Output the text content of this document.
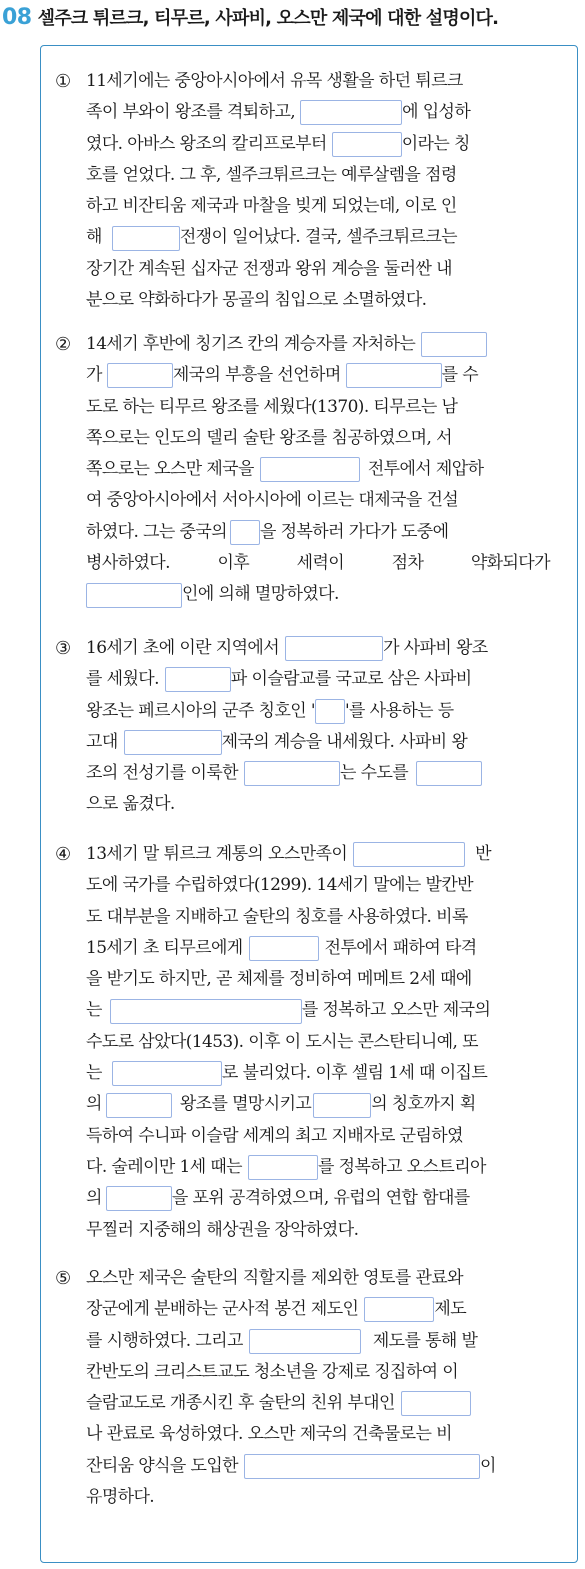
08 셀주크 튀르크, 티무르, 사파비, 오스만 제국에 대한 설명이다.
① 11세기에는 중앙아시아에서 유목 생활을 하던 튀르크
족이 부와이 왕조를 격퇴하고,	에 입성하
였다. 아바스 왕조의 칼리프로부터	이라는 칭
호를 얻었다. 그 후, 셀주크튀르크는 예루살렘을 점령
하고 비잔티움 제국과 마찰을 빚게 되었는데, 이로 인
해	전쟁이 일어났다. 결국, 셀주크튀르크는
장기간 계속된 십자군 전쟁과 왕위 계승을 둘러싼 내
분으로 약화하다가 몽골의 침입으로 소멸하였다.
② 14세기 후반에 칭기즈 칸의 계승자를 자처하는
가	제국의 부흥을 선언하며	를 수
도로 하는 티무르 왕조를 세웠다(1370). 티무르는 남
쪽으로는 인도의 델리 술탄 왕조를 침공하였으며, 서
쪽으로는 오스만 제국을	전투에서 제압하
여 중앙아시아에서 서아시아에 이르는 대제국을 건설
하였다. 그는 중국의 을 정복하러 가다가 도중에
병사하였다.	이후	세력이	점차	약화되다가
인에 의해 멸망하였다.
③ 16세기 초에 이란 지역에서	가 사파비 왕조
를 세웠다.	파 이슬람교를 국교로 삼은 사파비
왕조는 페르시아의 군주 칭호인 ' '를 사용하는 등
고대	제국의 계승을 내세웠다. 사파비 왕
조의 전성기를 이룩한	는 수도를
으로 옮겼다.
④ 13세기 말 튀르크 계통의 오스만족이	반
도에 국가를 수립하였다(1299). 14세기 말에는 발칸반
도 대부분을 지배하고 술탄의 칭호를 사용하였다. 비록
15세기 초 티무르에게	전투에서 패하여 타격
을 받기도 하지만, 곧 체제를 정비하여 메메트 2세 때에
는	를 정복하고 오스만 제국의
수도로 삼았다(1453). 이후 이 도시는 콘스탄티니예, 또
는	로 불리었다. 이후 셀림 1세 때 이집트
의	왕조를 멸망시키고	의 칭호까지 획
득하여 수니파 이슬람 세계의 최고 지배자로 군림하였
다. 술레이만 1세 때는	를 정복하고 오스트리아
의	을 포위 공격하였으며, 유럽의 연합 함대를
무찔러 지중해의 해상권을 장악하였다.
⑤ 오스만 제국은 술탄의 직할지를 제외한 영토를 관료와
장군에게 분배하는 군사적 봉건 제도인	제도
를 시행하였다. 그리고	제도를 통해 발
칸반도의 크리스트교도 청소년을 강제로 징집하여 이
슬람교도로 개종시킨 후 술탄의 친위 부대인
나 관료로 육성하였다. 오스만 제국의 건축물로는 비
잔티움 양식을 도입한	이
유명하다.
